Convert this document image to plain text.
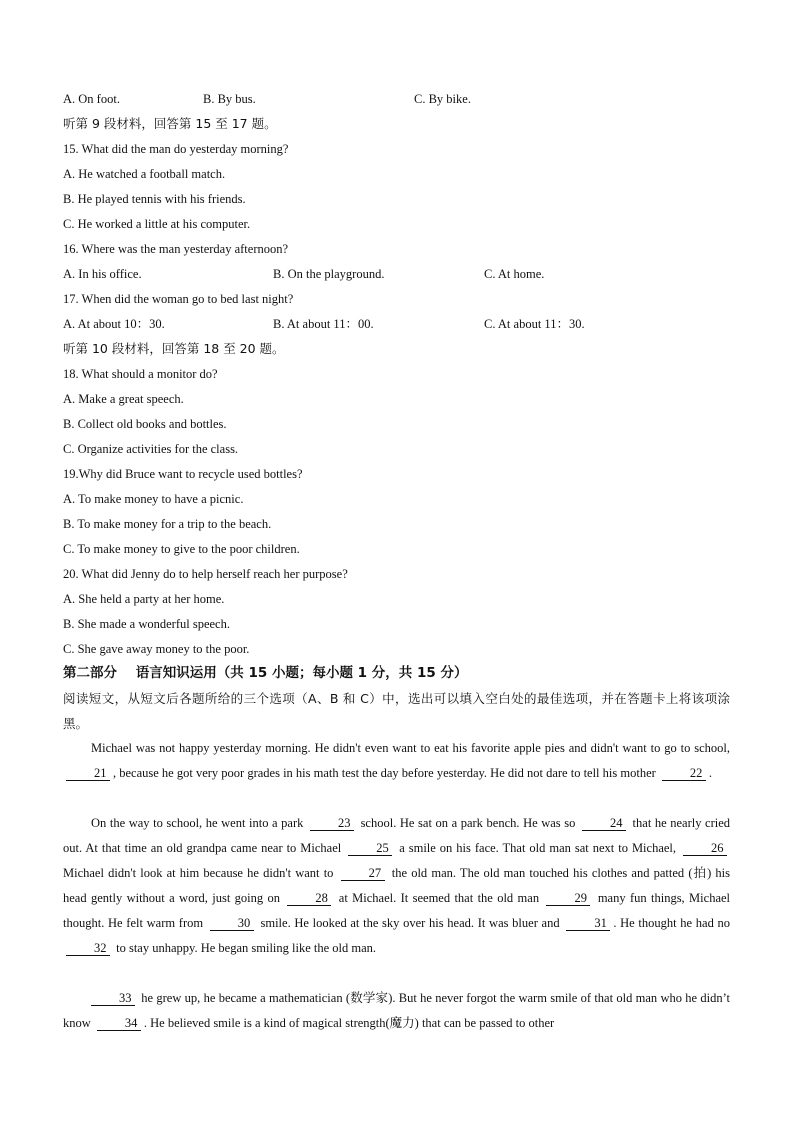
A. On foot.	B. By bus.	C. By bike.
听第 9 段材料，回答第 15 至 17 题。
15. What did the man do yesterday morning?
A. He watched a football match.
B. He played tennis with his friends.
C. He worked a little at his computer.
16. Where was the man yesterday afternoon?
A. In his office.	B. On the playground.	C. At home.
17. When did the woman go to bed last night?
A. At about 10：30.	B. At about 11：00.	C. At about 11：30.
听第 10 段材料，回答第 18 至 20 题。
18. What should a monitor do?
A. Make a great speech.
B. Collect old books and bottles.
C. Organize activities for the class.
19.Why did Bruce want to recycle used bottles?
A. To make money to have a picnic.
B. To make money for a trip to the beach.
C. To make money to give to the poor children.
20. What did Jenny do to help herself reach her purpose?
A. She held a party at her home.
B. She made a wonderful speech.
C. She gave away money to the poor.
第二部分    语言知识运用（共 15 小题；每小题 1 分，共 15 分）
阅读短文，从短文后各题所给的三个选项（A、B 和 C）中，选出可以填入空白处的最佳选项，并在答题卡上将该项涂黑。
Michael was not happy yesterday morning. He didn't even want to eat his favorite apple pies and didn't want to go to school, 21 , because he got very poor grades in his math test the day before yesterday. He did not dare to tell his mother	22 .
On the way to school, he went into a park	23 school. He sat on a park bench. He was so	24 that he nearly cried out. At that time an old grandpa came near to Michael	25 a smile on his face. That old man sat next to Michael,	26 Michael didn't look at him because he didn't want to	27 the old man. The old man touched his clothes and patted (拍) his head gently without a word, just going on	28 at Michael. It seemed that the old man	29 many fun things, Michael thought. He felt warm from	30 smile. He looked at the sky over his head. It was bluer and	31 . He thought he had no 32 to stay unhappy. He began smiling like the old man.
33 he grew up, he became a mathematician (数学家). But he never forgot the warm smile of that old man who he didn’t know	34 . He believed smile is a kind of magical strength(魔力) that can be passed to other
